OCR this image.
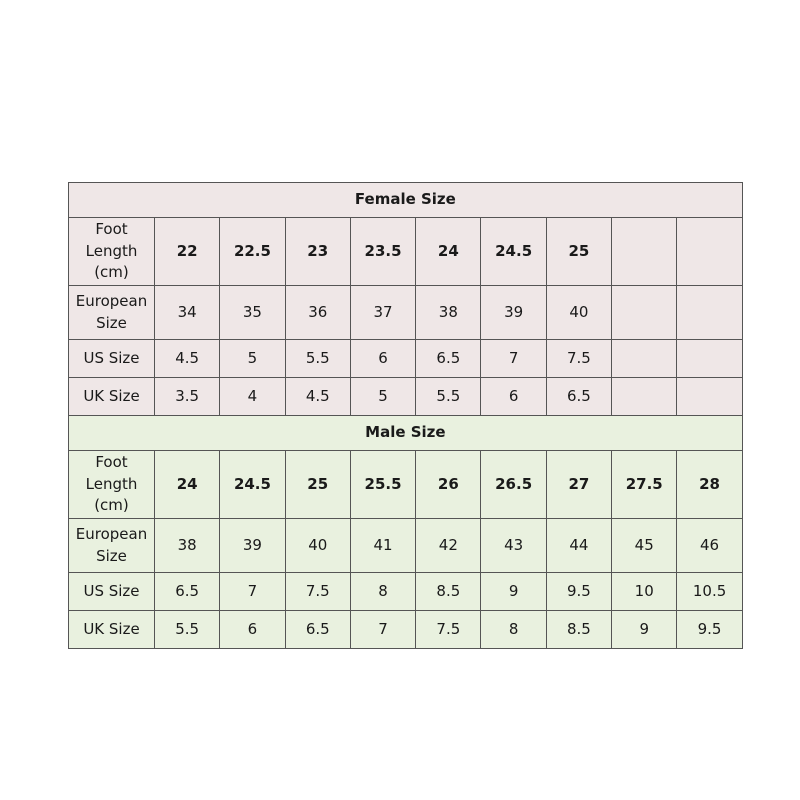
Female Size									
Foot
Length
(cm)	22	22.5	23	23.5	24	24.5	25		
European
Size	34	35	36	37	38	39	40		
US Size	4.5	5	5.5	6	6.5	7	7.5		
UK Size	3.5	4	4.5	5	5.5	6	6.5		
Male Size									
Foot
Length
(cm)	24	24.5	25	25.5	26	26.5	27	27.5	28
European
Size	38	39	40	41	42	43	44	45	46
US Size	6.5	7	7.5	8	8.5	9	9.5	10	10.5
UK Size	5.5	6	6.5	7	7.5	8	8.5	9	9.5
